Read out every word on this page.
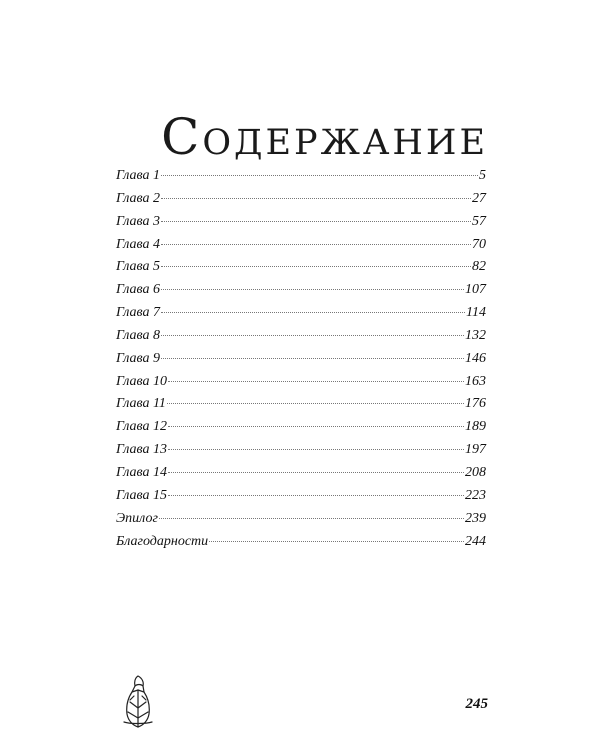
Содержание
Глава 1	5
Глава 2	27
Глава 3	57
Глава 4	70
Глава 5	82
Глава 6	107
Глава 7	114
Глава 8	132
Глава 9	146
Глава 10	163
Глава 11	176
Глава 12	189
Глава 13	197
Глава 14	208
Глава 15	223
Эпилог	239
Благодарности	244
245
